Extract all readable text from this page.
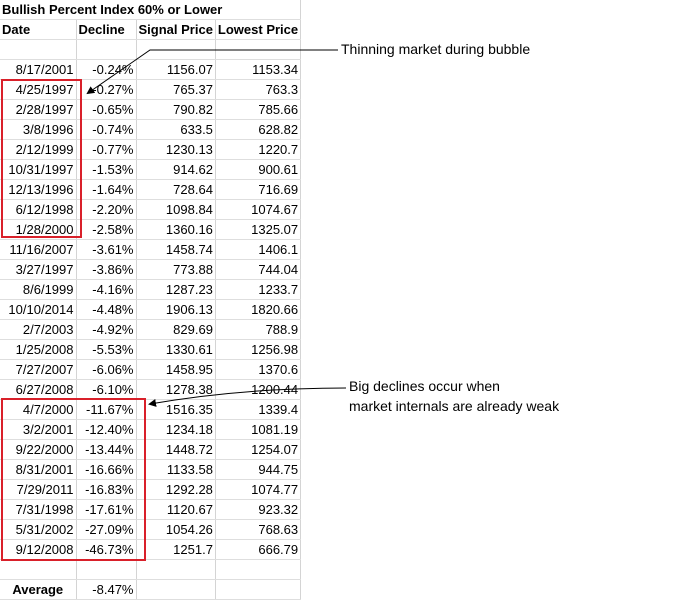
Bullish Percent Index 60% or Lower			
Date	Decline	Signal Price	Lowest Price

8/17/2001	-0.24%	1156.07	1153.34
4/25/1997	-0.27%	765.37	763.3
2/28/1997	-0.65%	790.82	785.66
3/8/1996	-0.74%	633.5	628.82
2/12/1999	-0.77%	1230.13	1220.7
10/31/1997	-1.53%	914.62	900.61
12/13/1996	-1.64%	728.64	716.69
6/12/1998	-2.20%	1098.84	1074.67
1/28/2000	-2.58%	1360.16	1325.07
11/16/2007	-3.61%	1458.74	1406.1
3/27/1997	-3.86%	773.88	744.04
8/6/1999	-4.16%	1287.23	1233.7
10/10/2014	-4.48%	1906.13	1820.66
2/7/2003	-4.92%	829.69	788.9
1/25/2008	-5.53%	1330.61	1256.98
7/27/2007	-6.06%	1458.95	1370.6
6/27/2008	-6.10%	1278.38	1200.44
4/7/2000	-11.67%	1516.35	1339.4
3/2/2001	-12.40%	1234.18	1081.19
9/22/2000	-13.44%	1448.72	1254.07
8/31/2001	-16.66%	1133.58	944.75
7/29/2011	-16.83%	1292.28	1074.77
7/31/1998	-17.61%	1120.67	923.32
5/31/2002	-27.09%	1054.26	768.63
9/12/2008	-46.73%	1251.7	666.79

Average	-8.47%		
Thinning market during bubble
Big declines occur when
market internals are already weak
